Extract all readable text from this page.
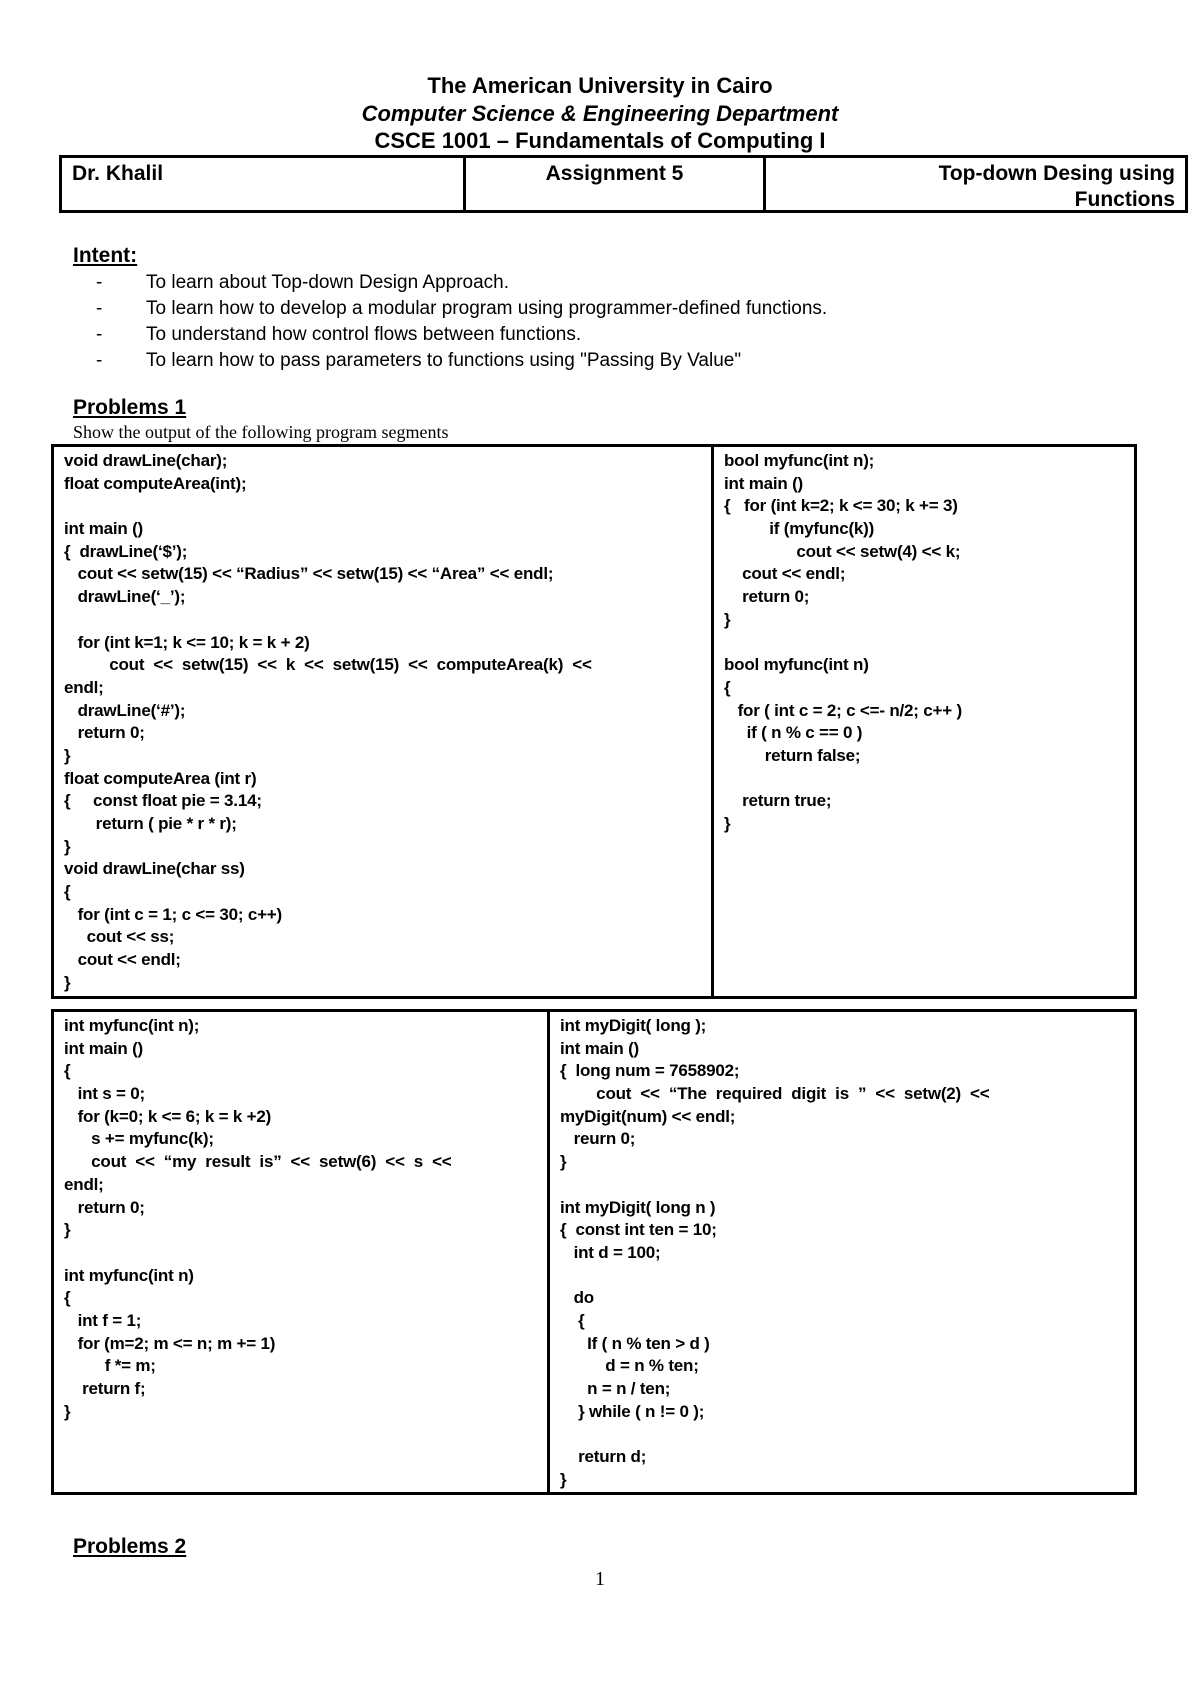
The American University in Cairo
Computer Science & Engineering Department
CSCE 1001 – Fundamentals of Computing I
Dr. Khalil	Assignment 5	Top-down Desing using
Functions
Intent:
- To learn about Top-down Design Approach.
- To learn how to develop a modular program using programmer-defined functions.
- To understand how control flows between functions.
- To learn how to pass parameters to functions using "Passing By Value"
Problems 1
Show the output of the following program segments
void drawLine(char);
float computeArea(int);
int main ()
{  drawLine(‘$’);
cout << setw(15) << “Radius” << setw(15) << “Area” << endl;
drawLine(‘_’);
for (int k=1; k <= 10; k = k + 2)
cout  <<  setw(15)  <<  k  <<  setw(15)  <<  computeArea(k)  <<
endl;
drawLine(‘#’);
return 0;
}
float computeArea (int r)
{     const float pie = 3.14;
return ( pie * r * r);
}
void drawLine(char ss)
{
for (int c = 1; c <= 30; c++)
cout << ss;
cout << endl;
}
bool myfunc(int n);
int main ()
{   for (int k=2; k <= 30; k += 3)
if (myfunc(k))
cout << setw(4) << k;
cout << endl;
return 0;
}
bool myfunc(int n)
{
for ( int c = 2; c <=- n/2; c++ )
if ( n % c == 0 )
return false;
return true;
}
int myfunc(int n);
int main ()
{
int s = 0;
for (k=0; k <= 6; k = k +2)
s += myfunc(k);
cout  <<  “my  result  is”  <<  setw(6)  <<  s  <<
endl;
return 0;
}
int myfunc(int n)
{
int f = 1;
for (m=2; m <= n; m += 1)
f *= m;
return f;
}
int myDigit( long );
int main ()
{  long num = 7658902;
cout  <<  “The  required  digit  is  ”  <<  setw(2)  <<
myDigit(num) << endl;
reurn 0;
}
int myDigit( long n )
{  const int ten = 10;
int d = 100;
do
{
If ( n % ten > d )
d = n % ten;
n = n / ten;
} while ( n != 0 );
return d;
}
Problems 2
1
